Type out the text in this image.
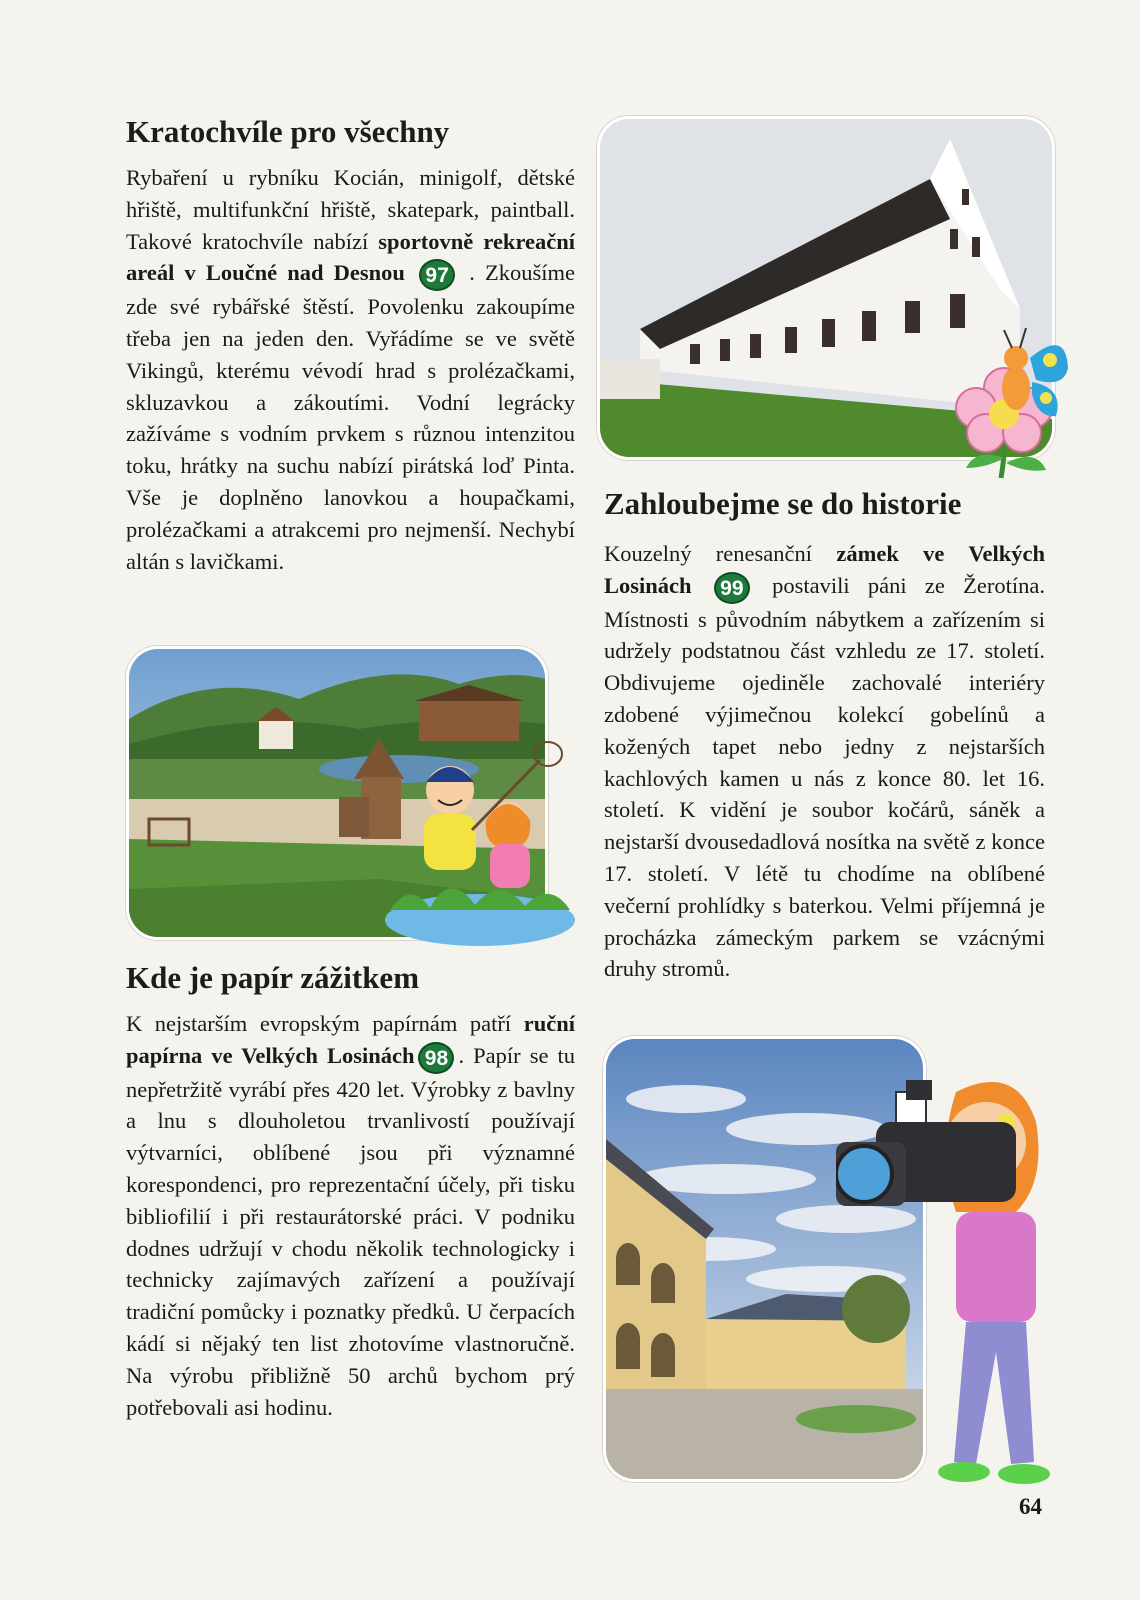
Kratochvíle pro všechny

Rybaření u rybníku Kocián, minigolf, dětské hřiště, multifunkční hřiště, skatepark, paintball. Takové kratochvíle nabízí sportovně rekreační areál v Loučné nad Desnou 97 . Zkoušíme zde své rybářské štěstí. Povolenku zakoupíme třeba jen na jeden den. Vyřádíme se ve světě Vikingů, kterému vévodí hrad s prolézačkami, skluzavkou a zákoutími. Vodní legrácky zažíváme s vodním prvkem s různou intenzitou toku, hrátky na suchu nabízí pirátská loď Pinta. Vše je doplněno lanovkou a houpačkami, prolézačkami a atrakcemi pro nejmenší. Nechybí altán s lavičkami.

Kde je papír zážitkem

K nejstarším evropským papírnám patří ruční papírna ve Velkých Losinách 98 . Papír se tu nepřetržitě vyrábí přes 420 let. Výrobky z bavlny a lnu s dlouholetou trvanlivostí používají výtvarníci, oblíbené jsou při významné korespondenci, pro reprezentační účely, při tisku bibliofilií i při restaurátorské práci. V podniku dodnes udržují v chodu několik technologicky i technicky zajímavých zařízení a používají tradiční pomůcky i poznatky předků. U čerpacích kádí si nějaký ten list zhotovíme vlastnoručně. Na výrobu přibližně 50 archů bychom prý potřebovali asi hodinu.

Zahloubejme se do historie

Kouzelný renesanční zámek ve Velkých Losinách 99 postavili páni ze Žerotína. Místnosti s původním nábytkem a zařízením si udržely podstatnou část vzhledu ze 17. století. Obdivujeme ojediněle zachovalé interiéry zdobené výjimečnou kolekcí gobelínů a kožených tapet nebo jedny z nejstarších kachlových kamen u nás z konce 80. let 16. století. K vidění je soubor kočárů, sáněk a nejstarší dvousedadlová nosítka na světě z konce 17. století. V létě tu chodíme na oblíbené večerní prohlídky s baterkou. Velmi příjemná je procházka zámeckým parkem se vzácnými druhy stromů.

64
